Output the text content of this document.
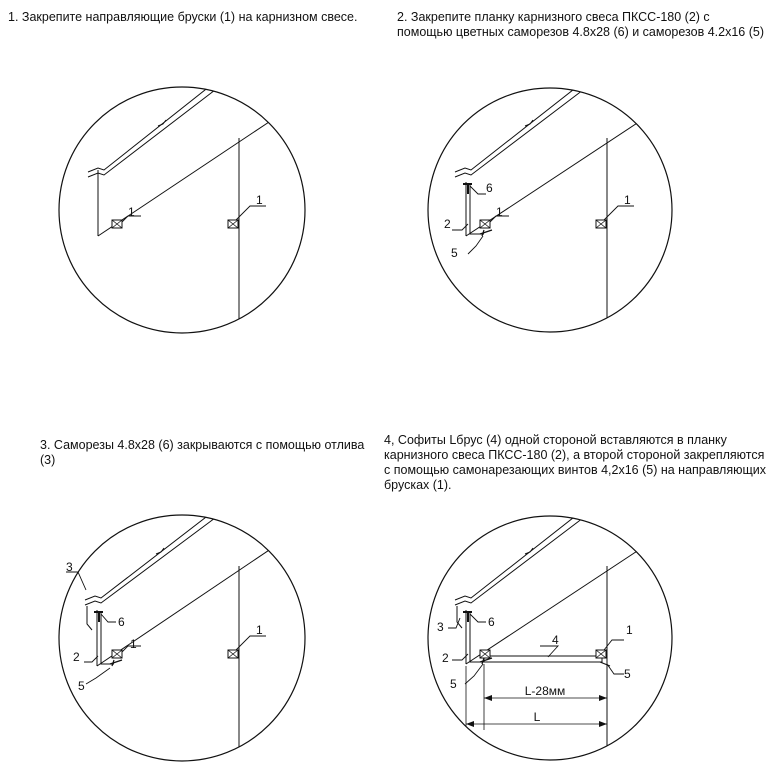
1. Закрепите направляющие бруски (1) на карнизном свесе.	2. Закрепите планку карнизного свеса ПКСС-180 (2) с помощью цветных саморезов 4.8х28 (6) и саморезов 4.2х16 (5)
3. Саморезы 4.8х28 (6) закрываются с помощью отлива (3)
4, Софиты Lбрус (4) одной стороной вставляются в планку карнизного свеса ПКСС-180 (2), а второй стороной закрепляются с помощью самонарезающих винтов 4,2х16 (5) на направляющих брусках (1).
1
1
6
1
1
2
5
3
6
1
1
2
5
3	6
4
1
2
5
5
L-28мм
L
